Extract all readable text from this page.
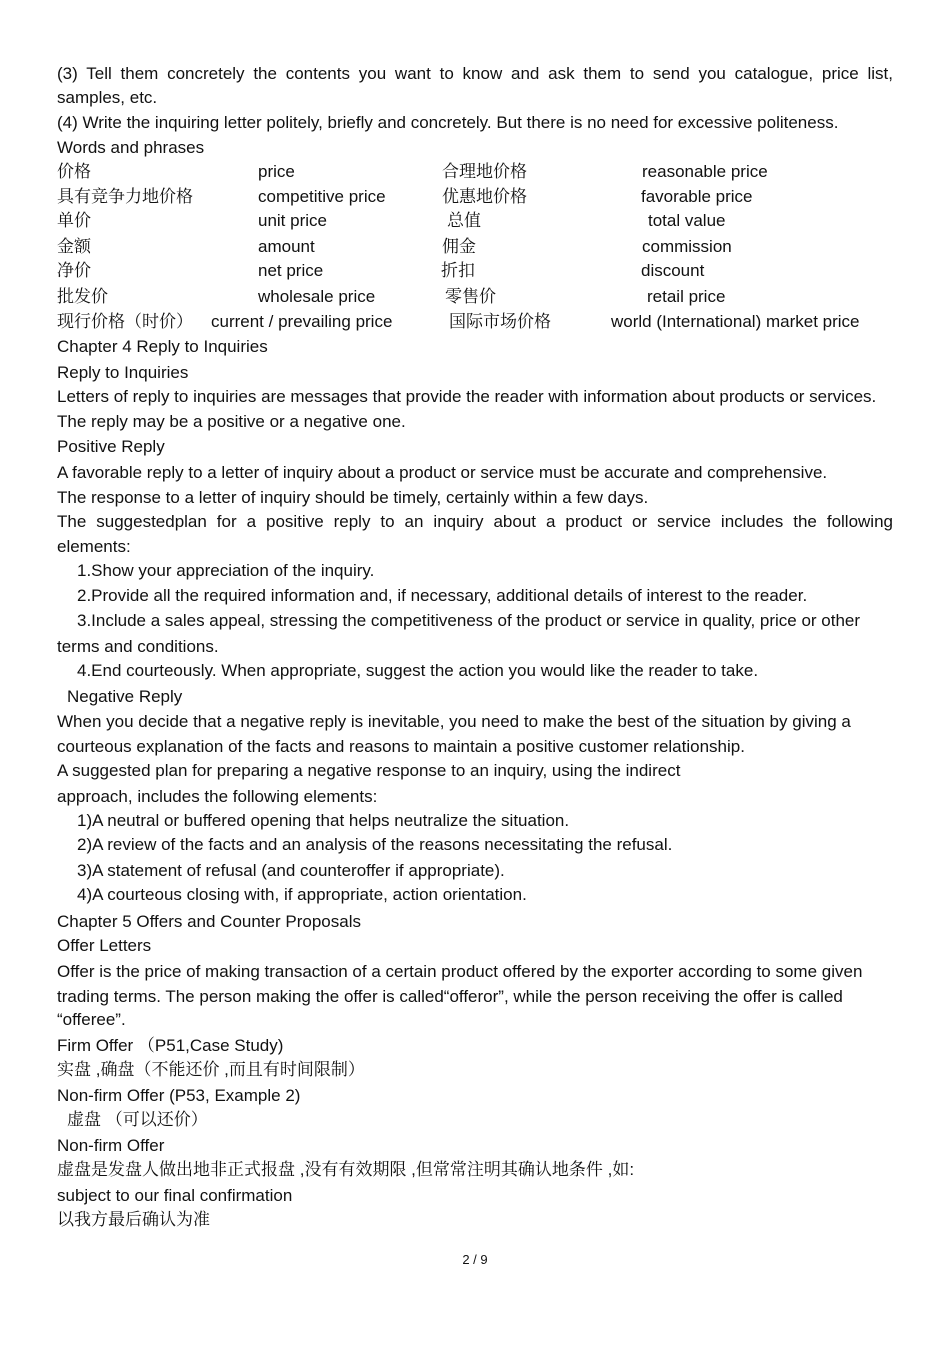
(3) Tell them concretely the contents you want to know and ask them to send you catalogue, price list,
samples, etc.
(4) Write the inquiring letter politely, briefly and concretely. But there is no need for excessive politeness.
Words and phrases
价格	price	合理地价格	reasonable price
具有竞争力地价格	competitive price	优惠地价格	favorable price
单价	unit price	总值	total value
金额	amount	佣金	commission
净价	net price	折扣	discount
批发价	wholesale price	零售价	retail price
现行价格（时价） current / prevailing price	国际市场价格	world (International) market price
Chapter 4 Reply to Inquiries
Reply to Inquiries
Letters of reply to inquiries are messages that provide the reader with information about products or services.
The reply may be a positive or a negative one.
Positive Reply
A favorable reply to a letter of inquiry about a product or service must be accurate and comprehensive.
The response to a letter of inquiry should be timely, certainly within a few days.
The suggestedplan for a positive reply to an inquiry about a product or service includes the following
elements:
1.Show your appreciation of the inquiry.
2.Provide all the required information and, if necessary, additional details of interest to the reader.
3.Include a sales appeal, stressing the competitiveness of the product or service in quality, price or other
terms and conditions.
4.End courteously. When appropriate, suggest the action you would like the reader to take.
Negative Reply
When you decide that a negative reply is inevitable, you need to make the best of the situation by giving a
courteous explanation of the facts and reasons to maintain a positive customer relationship.
A suggested plan for preparing a negative response to an inquiry, using the indirect
approach, includes the following elements:
1)A neutral or buffered opening that helps neutralize the situation.
2)A review of the facts and an analysis of the reasons necessitating the refusal.
3)A statement of refusal (and counteroffer if appropriate).
4)A courteous closing with, if appropriate, action orientation.
Chapter 5 Offers and Counter Proposals
Offer Letters
Offer is the price of making transaction of a certain product offered by the exporter according to some given
trading terms. The person making the offer is called“offeror”, while the person receiving the offer is called
“offeree”.
Firm Offer （P51,Case Study)
实盘 ,确盘（不能还价 ,而且有时间限制）
Non-firm Offer (P53, Example 2)
虚盘 （可以还价）
Non-firm Offer
虚盘是发盘人做出地非正式报盘 ,没有有效期限 ,但常常注明其确认地条件 ,如:
subject to our final confirmation
以我方最后确认为准
2 / 9
